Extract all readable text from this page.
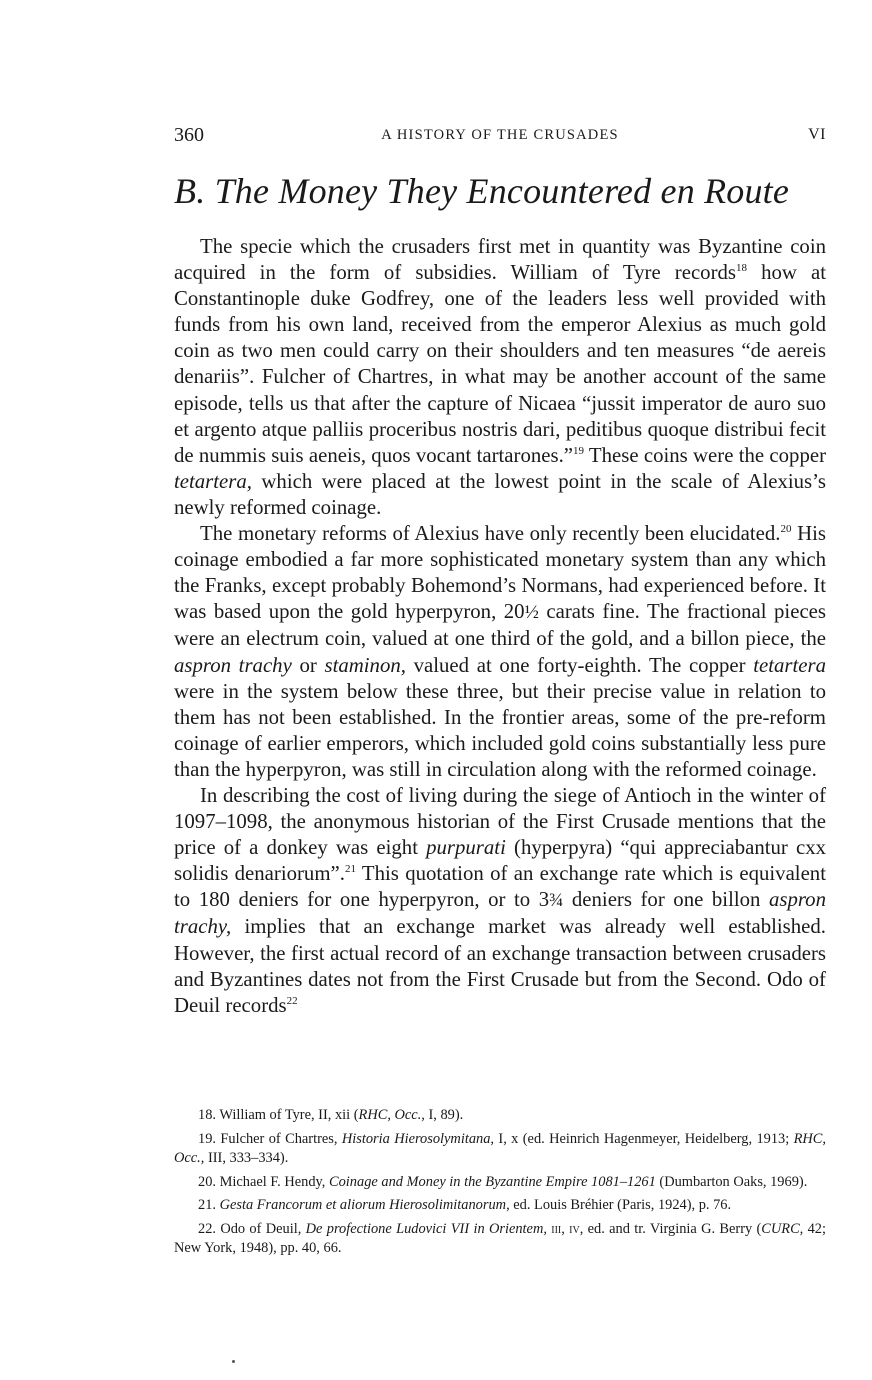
360	A HISTORY OF THE CRUSADES	VI
B. The Money They Encountered en Route

The specie which the crusaders first met in quantity was Byzantine coin acquired in the form of subsidies. William of Tyre records$^{18}$ how at Constantinople duke Godfrey, one of the leaders less well provided with funds from his own land, received from the emperor Alexius as much gold coin as two men could carry on their shoulders and ten measures “de aereis denariis”. Fulcher of Chartres, in what may be another account of the same episode, tells us that after the capture of Nicaea “jussit imperator de auro suo et argento atque palliis proceribus nostris dari, peditibus quoque distribui fecit de nummis suis aeneis, quos vocant tartarones.”$^{19}$ These coins were the copper tetartera, which were placed at the lowest point in the scale of Alexius’s newly reformed coinage.

The monetary reforms of Alexius have only recently been elucidated.$^{20}$ His coinage embodied a far more sophisticated monetary system than any which the Franks, except probably Bohemond’s Normans, had experienced before. It was based upon the gold hyperpyron, 20½ carats fine. The fractional pieces were an electrum coin, valued at one third of the gold, and a billon piece, the aspron trachy or staminon, valued at one forty-eighth. The copper tetartera were in the system below these three, but their precise value in relation to them has not been established. In the frontier areas, some of the pre-reform coinage of earlier emperors, which included gold coins substantially less pure than the hyperpyron, was still in circulation along with the reformed coinage.

In describing the cost of living during the siege of Antioch in the winter of 1097–1098, the anonymous historian of the First Crusade mentions that the price of a donkey was eight purpurati (hyperpyra) “qui appreciabantur cxx solidis denariorum”.$^{21}$ This quotation of an exchange rate which is equivalent to 180 deniers for one hyperpyron, or to 3¾ deniers for one billon aspron trachy, implies that an exchange market was already well established. However, the first actual record of an exchange transaction between crusaders and Byzantines dates not from the First Crusade but from the Second. Odo of Deuil records$^{22}$

18. William of Tyre, II, xii (RHC, Occ., I, 89).

19. Fulcher of Chartres, Historia Hierosolymitana, I, x (ed. Heinrich Hagenmeyer, Heidelberg, 1913; RHC, Occ., III, 333–334).

20. Michael F. Hendy, Coinage and Money in the Byzantine Empire 1081–1261 (Dumbarton Oaks, 1969).

21. Gesta Francorum et aliorum Hierosolimitanorum, ed. Louis Bréhier (Paris, 1924), p. 76.

22. Odo of Deuil, De profectione Ludovici VII in Orientem, iii, iv, ed. and tr. Virginia G. Berry (CURC, 42; New York, 1948), pp. 40, 66.
